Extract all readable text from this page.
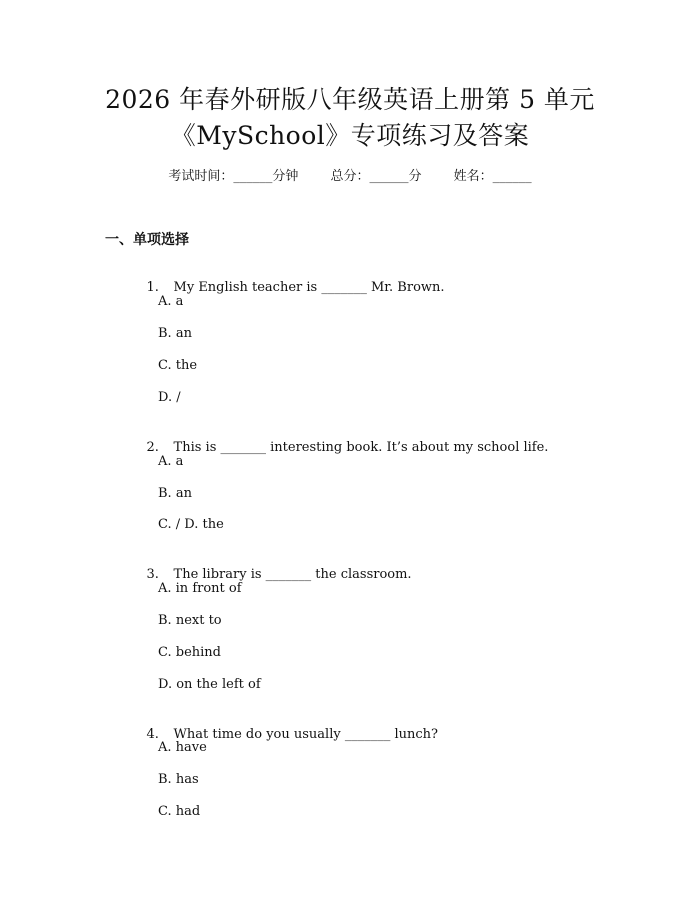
2026 年春外研版八年级英语上册第 5 单元
《MySchool》专项练习及答案
考试时间：______分钟 总分：______分 姓名：______
一、单项选择

1. My English teacher is _______ Mr. Brown.

A. a
B. an
C. the
D. /

2. This is _______ interesting book. It’s about my school life.

A. a
B. an
C. / D. the

3. The library is _______ the classroom.

A. in front of
B. next to
C. behind
D. on the left of

4. What time do you usually _______ lunch?

A. have
B. has
C. had
